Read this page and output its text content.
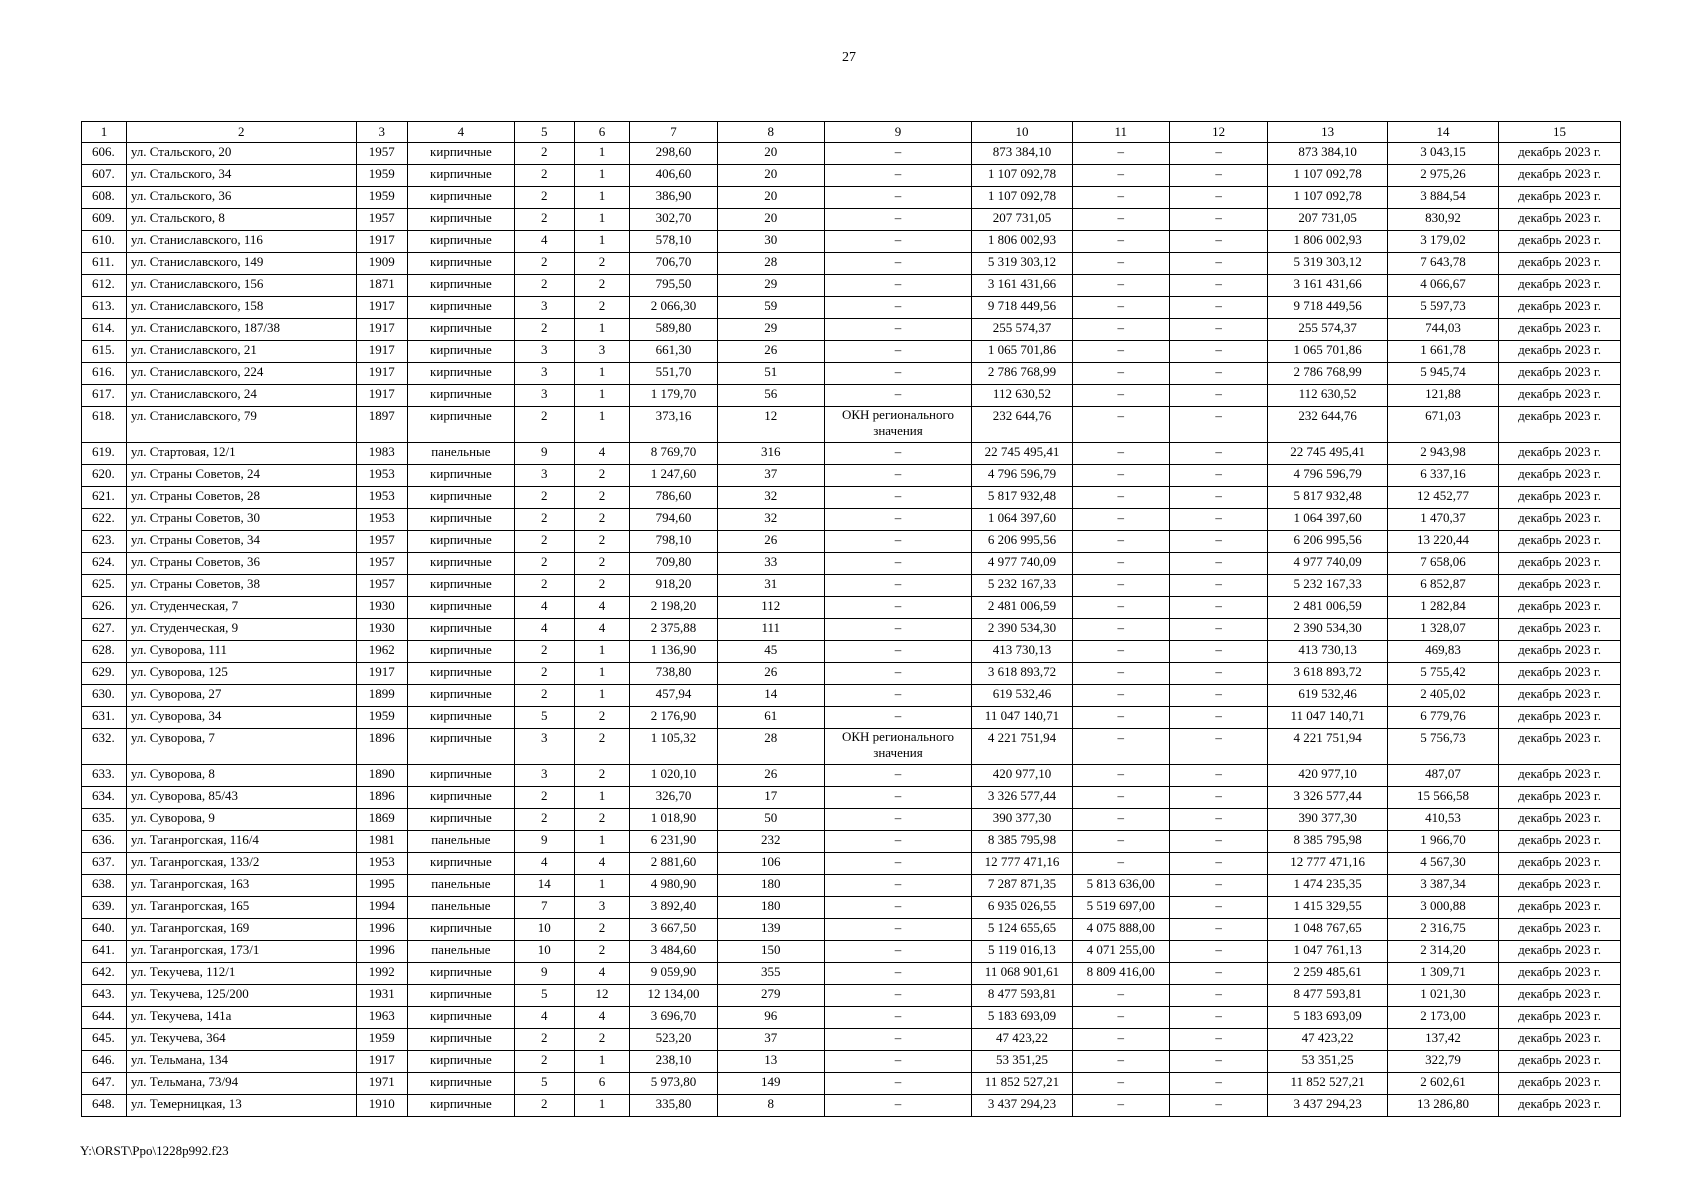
27
1	2	3	4	5	6	7	8	9	10	11	12	13	14	15
606.	ул. Стальского, 20	1957	кирпичные	2	1	298,60	20	–	873 384,10	–	–	873 384,10	3 043,15	декабрь 2023 г.
607.	ул. Стальского, 34	1959	кирпичные	2	1	406,60	20	–	1 107 092,78	–	–	1 107 092,78	2 975,26	декабрь 2023 г.
608.	ул. Стальского, 36	1959	кирпичные	2	1	386,90	20	–	1 107 092,78	–	–	1 107 092,78	3 884,54	декабрь 2023 г.
609.	ул. Стальского, 8	1957	кирпичные	2	1	302,70	20	–	207 731,05	–	–	207 731,05	830,92	декабрь 2023 г.
610.	ул. Станиславского, 116	1917	кирпичные	4	1	578,10	30	–	1 806 002,93	–	–	1 806 002,93	3 179,02	декабрь 2023 г.
611.	ул. Станиславского, 149	1909	кирпичные	2	2	706,70	28	–	5 319 303,12	–	–	5 319 303,12	7 643,78	декабрь 2023 г.
612.	ул. Станиславского, 156	1871	кирпичные	2	2	795,50	29	–	3 161 431,66	–	–	3 161 431,66	4 066,67	декабрь 2023 г.
613.	ул. Станиславского, 158	1917	кирпичные	3	2	2 066,30	59	–	9 718 449,56	–	–	9 718 449,56	5 597,73	декабрь 2023 г.
614.	ул. Станиславского, 187/38	1917	кирпичные	2	1	589,80	29	–	255 574,37	–	–	255 574,37	744,03	декабрь 2023 г.
615.	ул. Станиславского, 21	1917	кирпичные	3	3	661,30	26	–	1 065 701,86	–	–	1 065 701,86	1 661,78	декабрь 2023 г.
616.	ул. Станиславского, 224	1917	кирпичные	3	1	551,70	51	–	2 786 768,99	–	–	2 786 768,99	5 945,74	декабрь 2023 г.
617.	ул. Станиславского, 24	1917	кирпичные	3	1	1 179,70	56	–	112 630,52	–	–	112 630,52	121,88	декабрь 2023 г.
618.	ул. Станиславского, 79	1897	кирпичные	2	1	373,16	12	ОКН регионального значения	232 644,76	–	–	232 644,76	671,03	декабрь 2023 г.
619.	ул. Стартовая, 12/1	1983	панельные	9	4	8 769,70	316	–	22 745 495,41	–	–	22 745 495,41	2 943,98	декабрь 2023 г.
620.	ул. Страны Советов, 24	1953	кирпичные	3	2	1 247,60	37	–	4 796 596,79	–	–	4 796 596,79	6 337,16	декабрь 2023 г.
621.	ул. Страны Советов, 28	1953	кирпичные	2	2	786,60	32	–	5 817 932,48	–	–	5 817 932,48	12 452,77	декабрь 2023 г.
622.	ул. Страны Советов, 30	1953	кирпичные	2	2	794,60	32	–	1 064 397,60	–	–	1 064 397,60	1 470,37	декабрь 2023 г.
623.	ул. Страны Советов, 34	1957	кирпичные	2	2	798,10	26	–	6 206 995,56	–	–	6 206 995,56	13 220,44	декабрь 2023 г.
624.	ул. Страны Советов, 36	1957	кирпичные	2	2	709,80	33	–	4 977 740,09	–	–	4 977 740,09	7 658,06	декабрь 2023 г.
625.	ул. Страны Советов, 38	1957	кирпичные	2	2	918,20	31	–	5 232 167,33	–	–	5 232 167,33	6 852,87	декабрь 2023 г.
626.	ул. Студенческая, 7	1930	кирпичные	4	4	2 198,20	112	–	2 481 006,59	–	–	2 481 006,59	1 282,84	декабрь 2023 г.
627.	ул. Студенческая, 9	1930	кирпичные	4	4	2 375,88	111	–	2 390 534,30	–	–	2 390 534,30	1 328,07	декабрь 2023 г.
628.	ул. Суворова, 111	1962	кирпичные	2	1	1 136,90	45	–	413 730,13	–	–	413 730,13	469,83	декабрь 2023 г.
629.	ул. Суворова, 125	1917	кирпичные	2	1	738,80	26	–	3 618 893,72	–	–	3 618 893,72	5 755,42	декабрь 2023 г.
630.	ул. Суворова, 27	1899	кирпичные	2	1	457,94	14	–	619 532,46	–	–	619 532,46	2 405,02	декабрь 2023 г.
631.	ул. Суворова, 34	1959	кирпичные	5	2	2 176,90	61	–	11 047 140,71	–	–	11 047 140,71	6 779,76	декабрь 2023 г.
632.	ул. Суворова, 7	1896	кирпичные	3	2	1 105,32	28	ОКН регионального значения	4 221 751,94	–	–	4 221 751,94	5 756,73	декабрь 2023 г.
633.	ул. Суворова, 8	1890	кирпичные	3	2	1 020,10	26	–	420 977,10	–	–	420 977,10	487,07	декабрь 2023 г.
634.	ул. Суворова, 85/43	1896	кирпичные	2	1	326,70	17	–	3 326 577,44	–	–	3 326 577,44	15 566,58	декабрь 2023 г.
635.	ул. Суворова, 9	1869	кирпичные	2	2	1 018,90	50	–	390 377,30	–	–	390 377,30	410,53	декабрь 2023 г.
636.	ул. Таганрогская, 116/4	1981	панельные	9	1	6 231,90	232	–	8 385 795,98	–	–	8 385 795,98	1 966,70	декабрь 2023 г.
637.	ул. Таганрогская, 133/2	1953	кирпичные	4	4	2 881,60	106	–	12 777 471,16	–	–	12 777 471,16	4 567,30	декабрь 2023 г.
638.	ул. Таганрогская, 163	1995	панельные	14	1	4 980,90	180	–	7 287 871,35	5 813 636,00	–	1 474 235,35	3 387,34	декабрь 2023 г.
639.	ул. Таганрогская, 165	1994	панельные	7	3	3 892,40	180	–	6 935 026,55	5 519 697,00	–	1 415 329,55	3 000,88	декабрь 2023 г.
640.	ул. Таганрогская, 169	1996	кирпичные	10	2	3 667,50	139	–	5 124 655,65	4 075 888,00	–	1 048 767,65	2 316,75	декабрь 2023 г.
641.	ул. Таганрогская, 173/1	1996	панельные	10	2	3 484,60	150	–	5 119 016,13	4 071 255,00	–	1 047 761,13	2 314,20	декабрь 2023 г.
642.	ул. Текучева, 112/1	1992	кирпичные	9	4	9 059,90	355	–	11 068 901,61	8 809 416,00	–	2 259 485,61	1 309,71	декабрь 2023 г.
643.	ул. Текучева, 125/200	1931	кирпичные	5	12	12 134,00	279	–	8 477 593,81	–	–	8 477 593,81	1 021,30	декабрь 2023 г.
644.	ул. Текучева, 141а	1963	кирпичные	4	4	3 696,70	96	–	5 183 693,09	–	–	5 183 693,09	2 173,00	декабрь 2023 г.
645.	ул. Текучева, 364	1959	кирпичные	2	2	523,20	37	–	47 423,22	–	–	47 423,22	137,42	декабрь 2023 г.
646.	ул. Тельмана, 134	1917	кирпичные	2	1	238,10	13	–	53 351,25	–	–	53 351,25	322,79	декабрь 2023 г.
647.	ул. Тельмана, 73/94	1971	кирпичные	5	6	5 973,80	149	–	11 852 527,21	–	–	11 852 527,21	2 602,61	декабрь 2023 г.
648.	ул. Темерницкая, 13	1910	кирпичные	2	1	335,80	8	–	3 437 294,23	–	–	3 437 294,23	13 286,80	декабрь 2023 г.
Y:\ORST\Ppo\1228p992.f23
